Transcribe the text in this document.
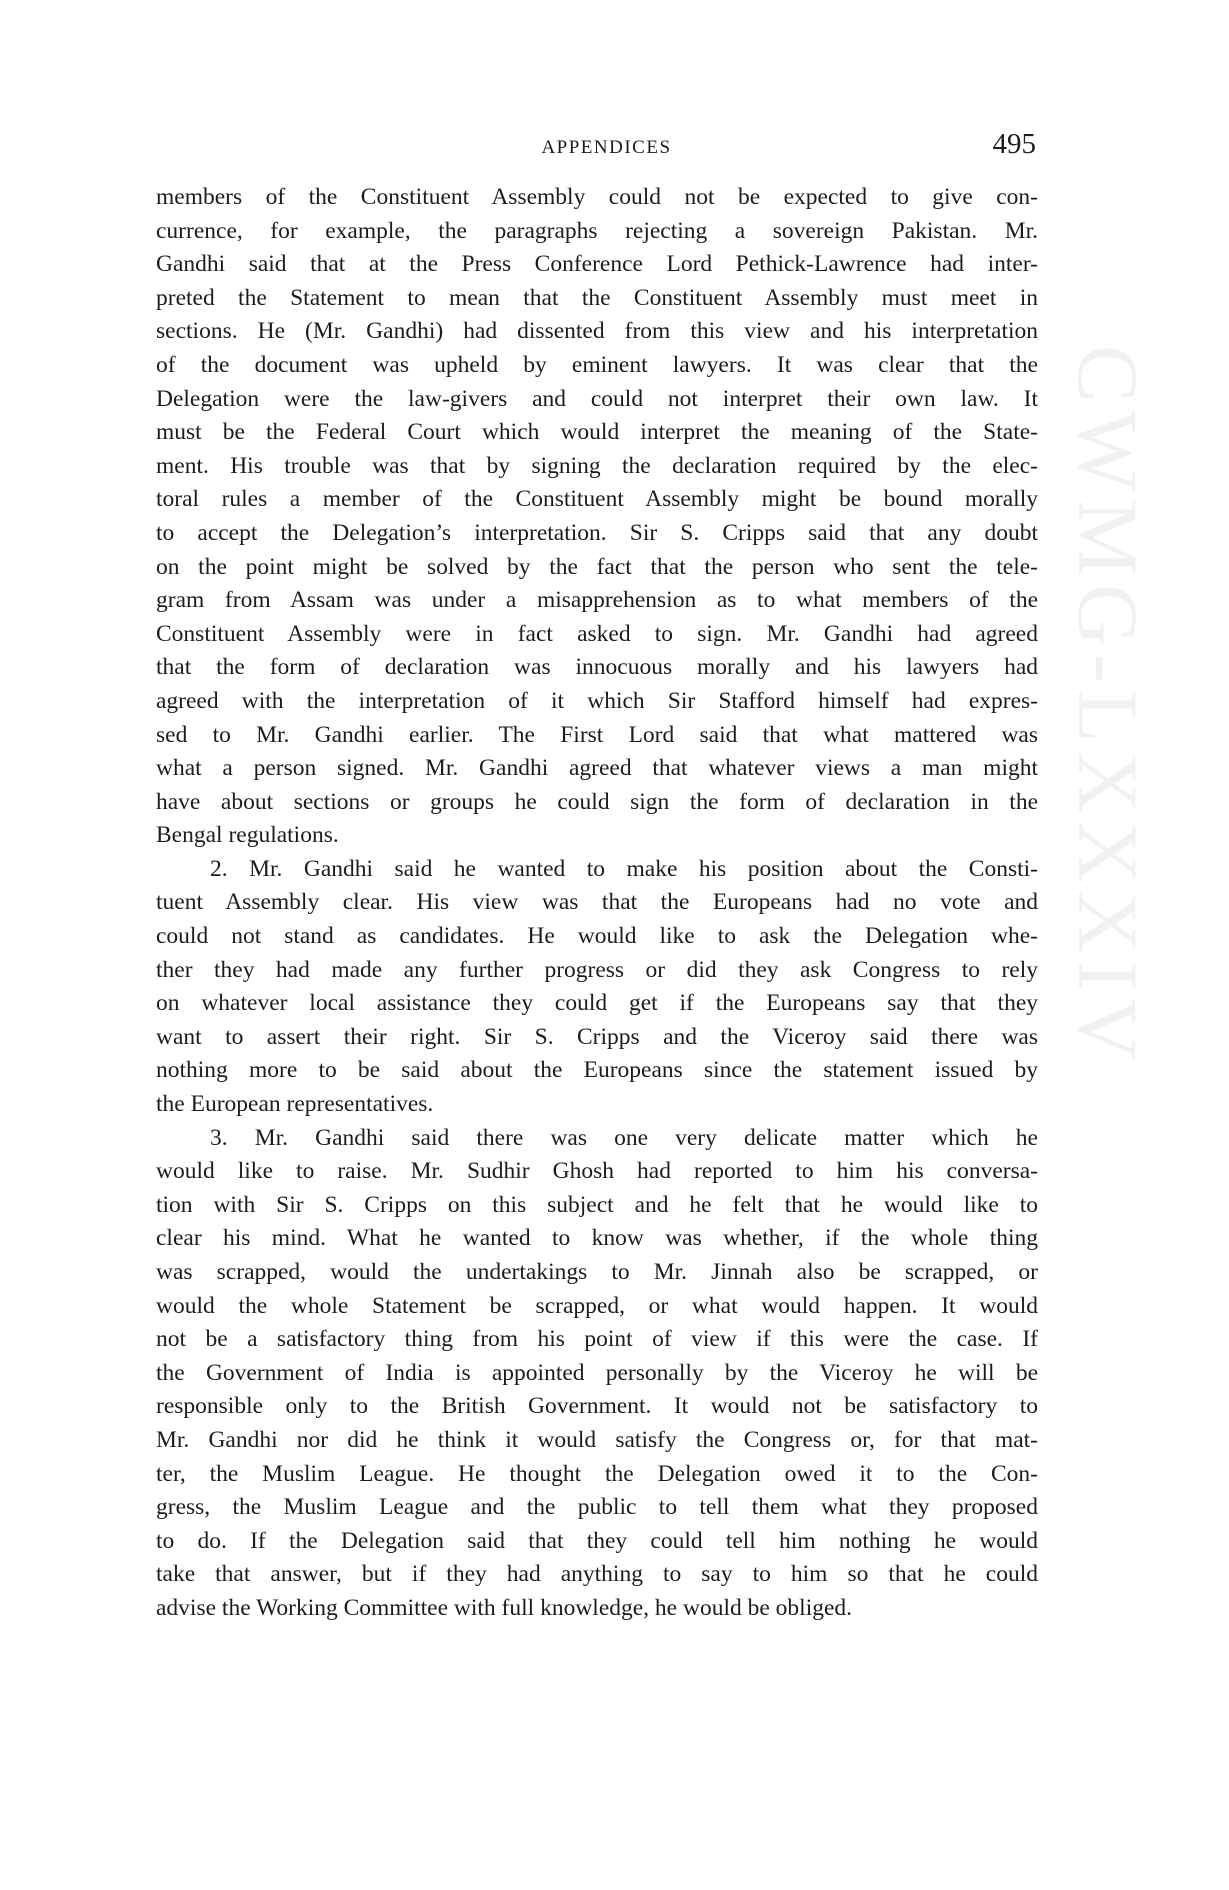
CWMG-LXXXIV
APPENDICES	495
members of the Constituent Assembly could not be expected to give con-
currence, for example, the paragraphs rejecting a sovereign Pakistan. Mr.
Gandhi said that at the Press Conference Lord Pethick-Lawrence had inter-
preted the Statement to mean that the Constituent Assembly must meet in
sections. He (Mr. Gandhi) had dissented from this view and his interpretation
of the document was upheld by eminent lawyers. It was clear that the
Delegation were the law-givers and could not interpret their own law. It
must be the Federal Court which would interpret the meaning of the State-
ment. His trouble was that by signing the declaration required by the elec-
toral rules a member of the Constituent Assembly might be bound morally
to accept the Delegation’s interpretation. Sir S. Cripps said that any doubt
on the point might be solved by the fact that the person who sent the tele-
gram from Assam was under a misapprehension as to what members of the
Constituent Assembly were in fact asked to sign. Mr. Gandhi had agreed
that the form of declaration was innocuous morally and his lawyers had
agreed with the interpretation of it which Sir Stafford himself had expres-
sed to Mr. Gandhi earlier. The First Lord said that what mattered was
what a person signed. Mr. Gandhi agreed that whatever views a man might
have about sections or groups he could sign the form of declaration in the
Bengal regulations.
2. Mr. Gandhi said he wanted to make his position about the Consti-
tuent Assembly clear. His view was that the Europeans had no vote and
could not stand as candidates. He would like to ask the Delegation whe-
ther they had made any further progress or did they ask Congress to rely
on whatever local assistance they could get if the Europeans say that they
want to assert their right. Sir S. Cripps and the Viceroy said there was
nothing more to be said about the Europeans since the statement issued by
the European representatives.
3. Mr. Gandhi said there was one very delicate matter which he
would like to raise. Mr. Sudhir Ghosh had reported to him his conversa-
tion with Sir S. Cripps on this subject and he felt that he would like to
clear his mind. What he wanted to know was whether, if the whole thing
was scrapped, would the undertakings to Mr. Jinnah also be scrapped, or
would the whole Statement be scrapped, or what would happen. It would
not be a satisfactory thing from his point of view if this were the case. If
the Government of India is appointed personally by the Viceroy he will be
responsible only to the British Government. It would not be satisfactory to
Mr. Gandhi nor did he think it would satisfy the Congress or, for that mat-
ter, the Muslim League. He thought the Delegation owed it to the Con-
gress, the Muslim League and the public to tell them what they proposed
to do. If the Delegation said that they could tell him nothing he would
take that answer, but if they had anything to say to him so that he could
advise the Working Committee with full knowledge, he would be obliged.
